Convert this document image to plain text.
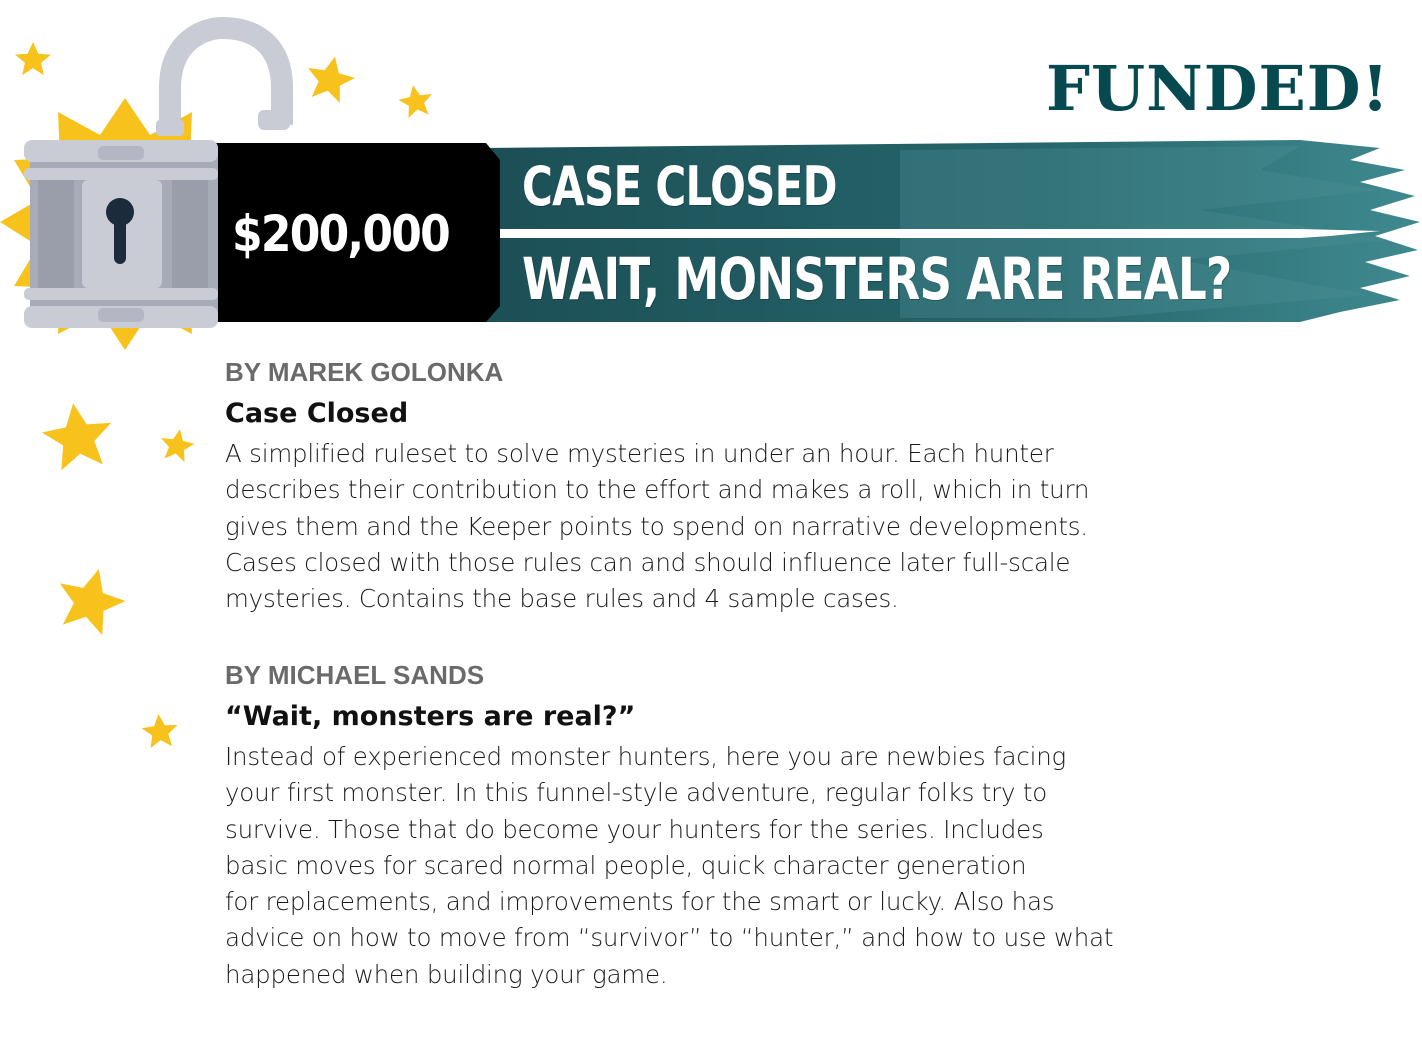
FUNDED!
$200,000
CASE CLOSED
WAIT, MONSTERS ARE REAL?

BY MAREK GOLONKA

Case Closed

A simplified ruleset to solve mysteries in under an hour. Each hunter
describes their contribution to the effort and makes a roll, which in turn
gives them and the Keeper points to spend on narrative developments.
Cases closed with those rules can and should influence later full-scale
mysteries. Contains the base rules and 4 sample cases.

BY MICHAEL SANDS

“Wait, monsters are real?”

Instead of experienced monster hunters, here you are newbies facing
your first monster. In this funnel-style adventure, regular folks try to
survive. Those that do become your hunters for the series. Includes
basic moves for scared normal people, quick character generation
for replacements, and improvements for the smart or lucky. Also has
advice on how to move from “survivor” to “hunter,” and how to use what
happened when building your game.
